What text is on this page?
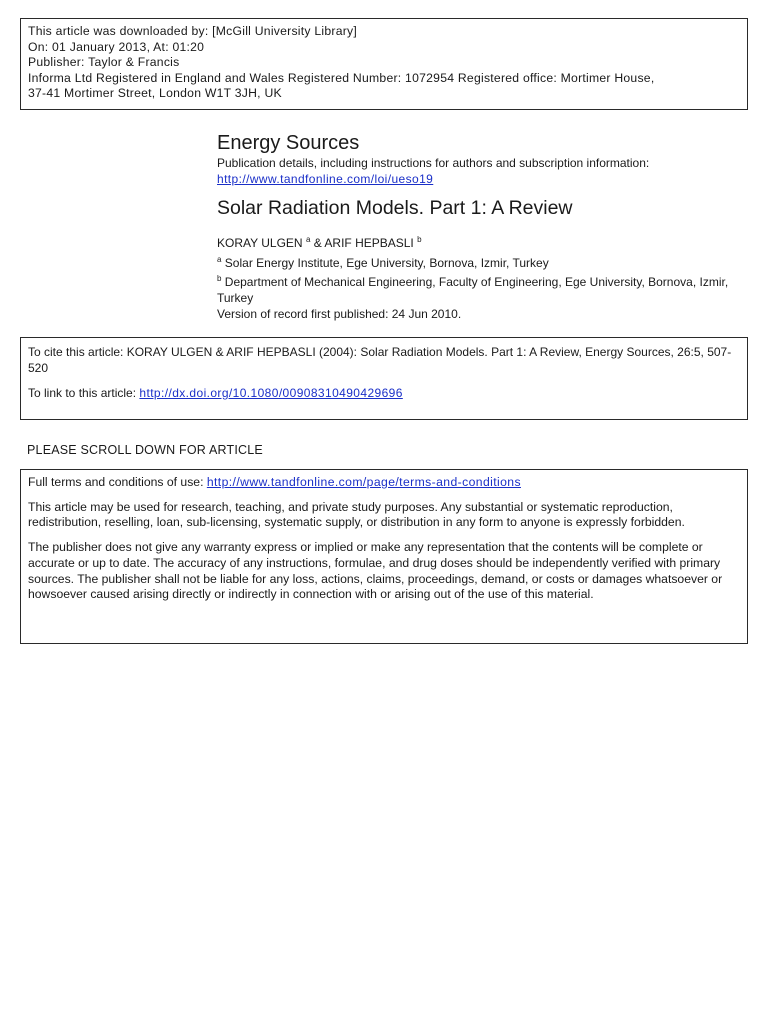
This article was downloaded by: [McGill University Library]
On: 01 January 2013, At: 01:20
Publisher: Taylor & Francis
Informa Ltd Registered in England and Wales Registered Number: 1072954 Registered office: Mortimer House,
37-41 Mortimer Street, London W1T 3JH, UK
Energy Sources
Publication details, including instructions for authors and subscription information:
http://www.tandfonline.com/loi/ueso19
Solar Radiation Models. Part 1: A Review
KORAY ULGEN $^a$ & ARIF HEPBASLI $^b$
$^a$ Solar Energy Institute, Ege University, Bornova, Izmir, Turkey
$^b$ Department of Mechanical Engineering, Faculty of Engineering, Ege University, Bornova, Izmir, Turkey
Version of record first published: 24 Jun 2010.
To cite this article: KORAY ULGEN & ARIF HEPBASLI (2004): Solar Radiation Models. Part 1: A Review, Energy Sources, 26:5, 507-520
To link to this article: http://dx.doi.org/10.1080/00908310490429696
PLEASE SCROLL DOWN FOR ARTICLE

Full terms and conditions of use: http://www.tandfonline.com/page/terms-and-conditions

This article may be used for research, teaching, and private study purposes. Any substantial or systematic reproduction, redistribution, reselling, loan, sub-licensing, systematic supply, or distribution in any form to anyone is expressly forbidden.

The publisher does not give any warranty express or implied or make any representation that the contents will be complete or accurate or up to date. The accuracy of any instructions, formulae, and drug doses should be independently verified with primary sources. The publisher shall not be liable for any loss, actions, claims, proceedings, demand, or costs or damages whatsoever or howsoever caused arising directly or indirectly in connection with or arising out of the use of this material.
